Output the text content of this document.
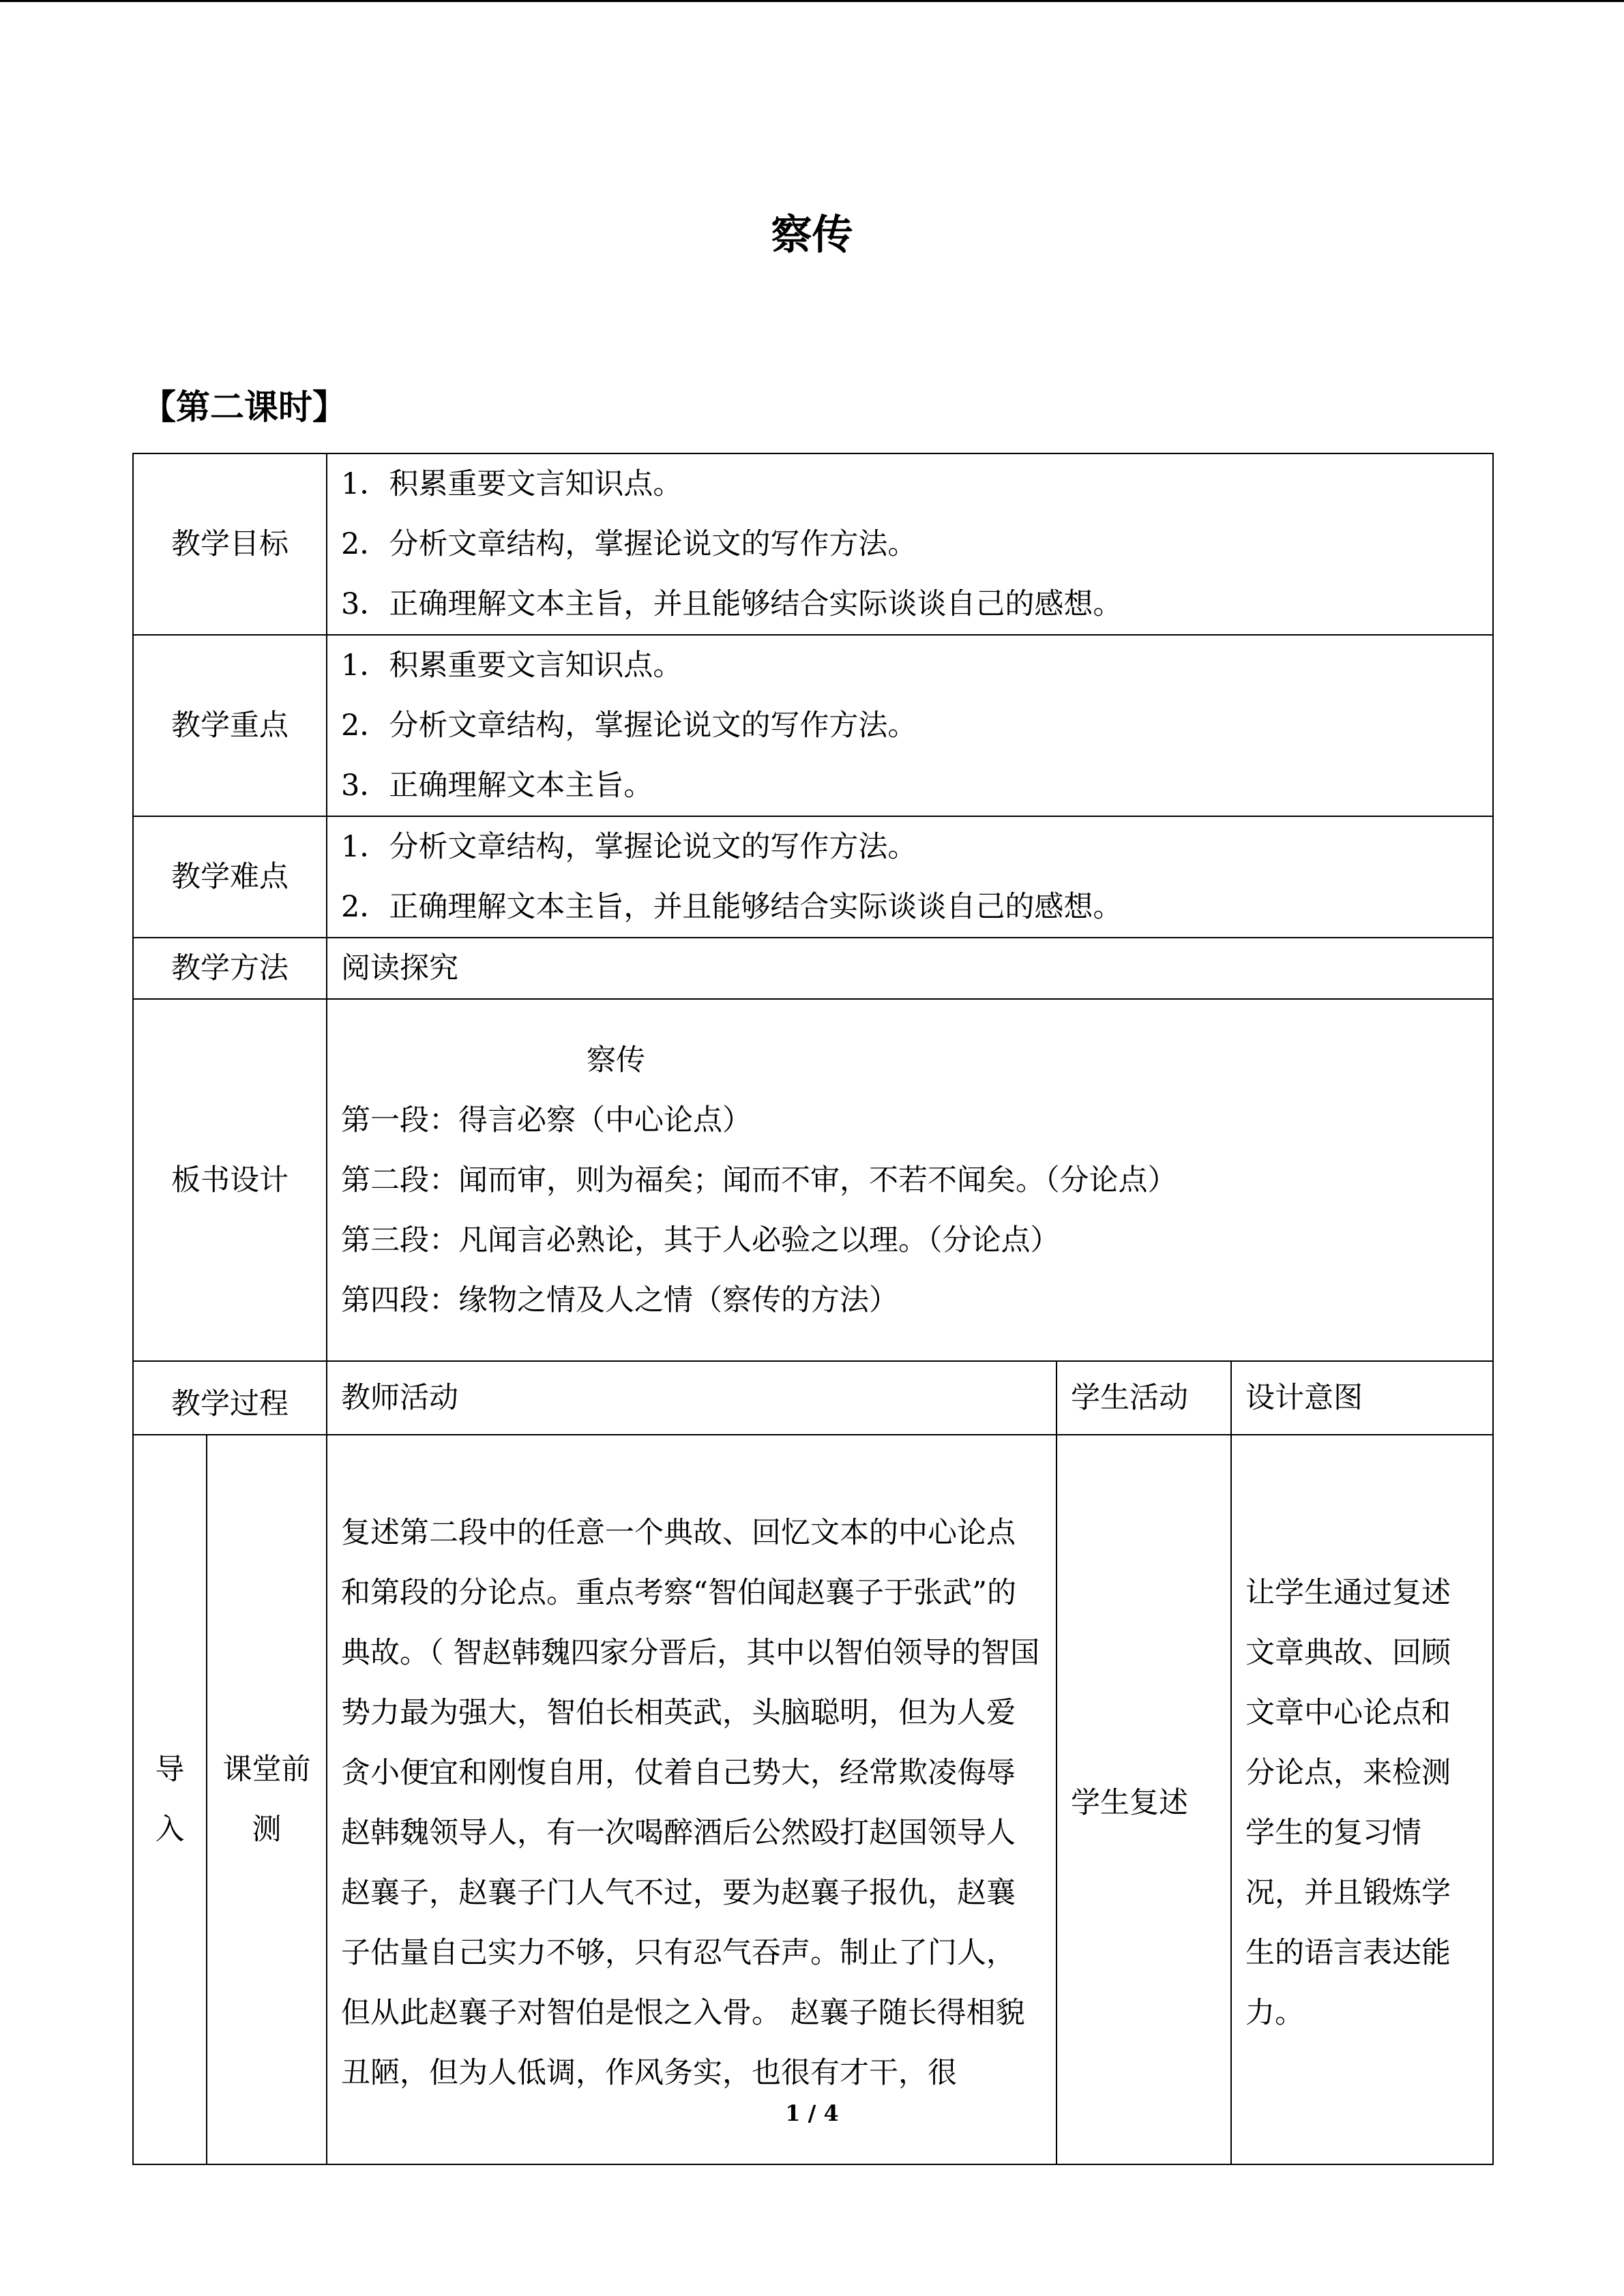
察传
【第二课时】
教学目标		1．积累重要文言知识点。
2．分析文章结构，掌握论说文的写作方法。
3．正确理解文本主旨，并且能够结合实际谈谈自己的感想。		

教学重点		1．积累重要文言知识点。
2．分析文章结构，掌握论说文的写作方法。
3．正确理解文本主旨。		

教学难点		1．分析文章结构，掌握论说文的写作方法。
2．正确理解文本主旨，并且能够结合实际谈谈自己的感想。		

教学方法		阅读探究		
板书设计		察传
第一段：得言必察（中心论点）
第二段：闻而审，则为福矣；闻而不审，不若不闻矣。（分论点）
第三段：凡闻言必熟论，其于人必验之以理。（分论点）
第四段：缘物之情及人之情（察传的方法）		

教学过程		教师活动	学生活动	设计意图
导入	课堂前测	复述第二段中的任意一个典故、回忆文本的中心论点和第段的分论点。重点考察“智伯闻赵襄子于张武”的典故。（ 智赵韩魏四家分晋后，其中以智伯领导的智国势力最为强大，智伯长相英武，头脑聪明，但为人爱贪小便宜和刚愎自用，仗着自己势大，经常欺凌侮辱赵韩魏领导人，有一次喝醉酒后公然殴打赵国领导人赵襄子，赵襄子门人气不过，要为赵襄子报仇，赵襄子估量自己实力不够，只有忍气吞声。制止了门人，但从此赵襄子对智伯是恨之入骨。 赵襄子随长得相貌丑陋，但为人低调，作风务实，也很有才干，很	学生复述	让学生通过复述文章典故、回顾文章中心论点和分论点，来检测学生的复习情况，并且锻炼学生的语言表达能力。
1 / 4
